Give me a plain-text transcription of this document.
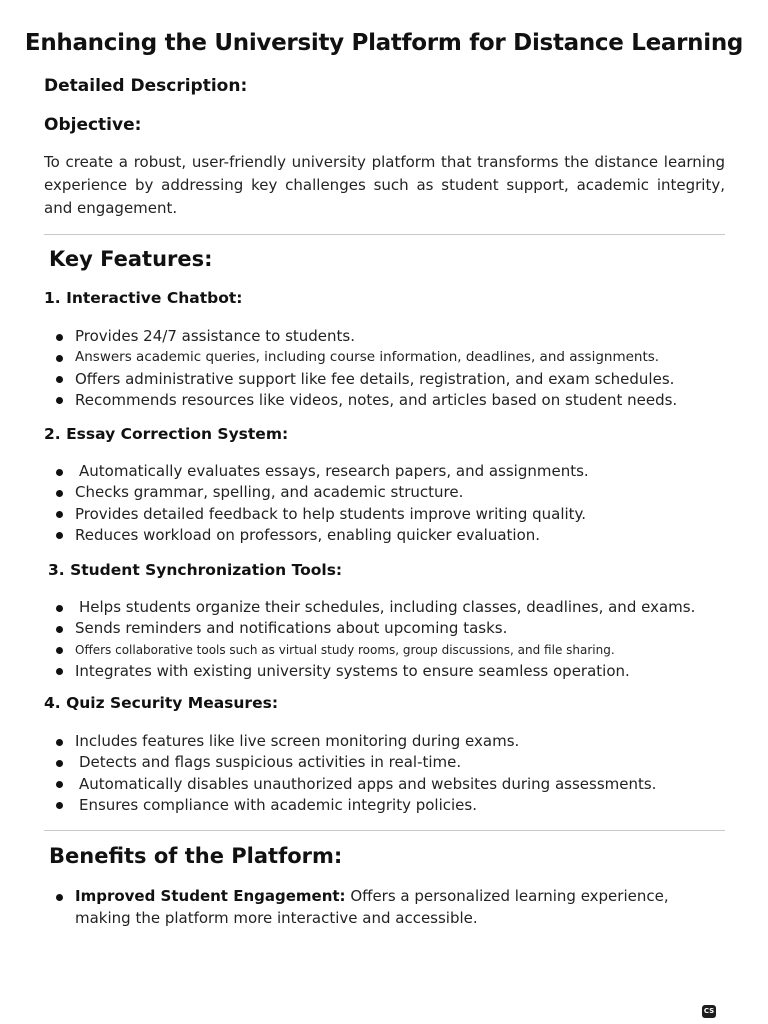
Enhancing the University Platform for Distance Learning
Detailed Description:
Objective:

To create a robust, user-friendly university platform that transforms the distance learning experience by addressing key challenges such as student support, academic integrity, and engagement.

Key Features:
1. Interactive Chatbot:
Provides 24/7 assistance to students.
Answers academic queries, including course information, deadlines, and assignments.
Offers administrative support like fee details, registration, and exam schedules.
Recommends resources like videos, notes, and articles based on student needs.
2. Essay Correction System:
Automatically evaluates essays, research papers, and assignments.
Checks grammar, spelling, and academic structure.
Provides detailed feedback to help students improve writing quality.
Reduces workload on professors, enabling quicker evaluation.
3. Student Synchronization Tools:
Helps students organize their schedules, including classes, deadlines, and exams.
Sends reminders and notifications about upcoming tasks.
Offers collaborative tools such as virtual study rooms, group discussions, and file sharing.
Integrates with existing university systems to ensure seamless operation.
4. Quiz Security Measures:
Includes features like live screen monitoring during exams.
Detects and flags suspicious activities in real-time.
Automatically disables unauthorized apps and websites during assessments.
Ensures compliance with academic integrity policies.
Benefits of the Platform:

Improved Student Engagement: Offers a personalized learning experience, making the platform more interactive and accessible.

CS
